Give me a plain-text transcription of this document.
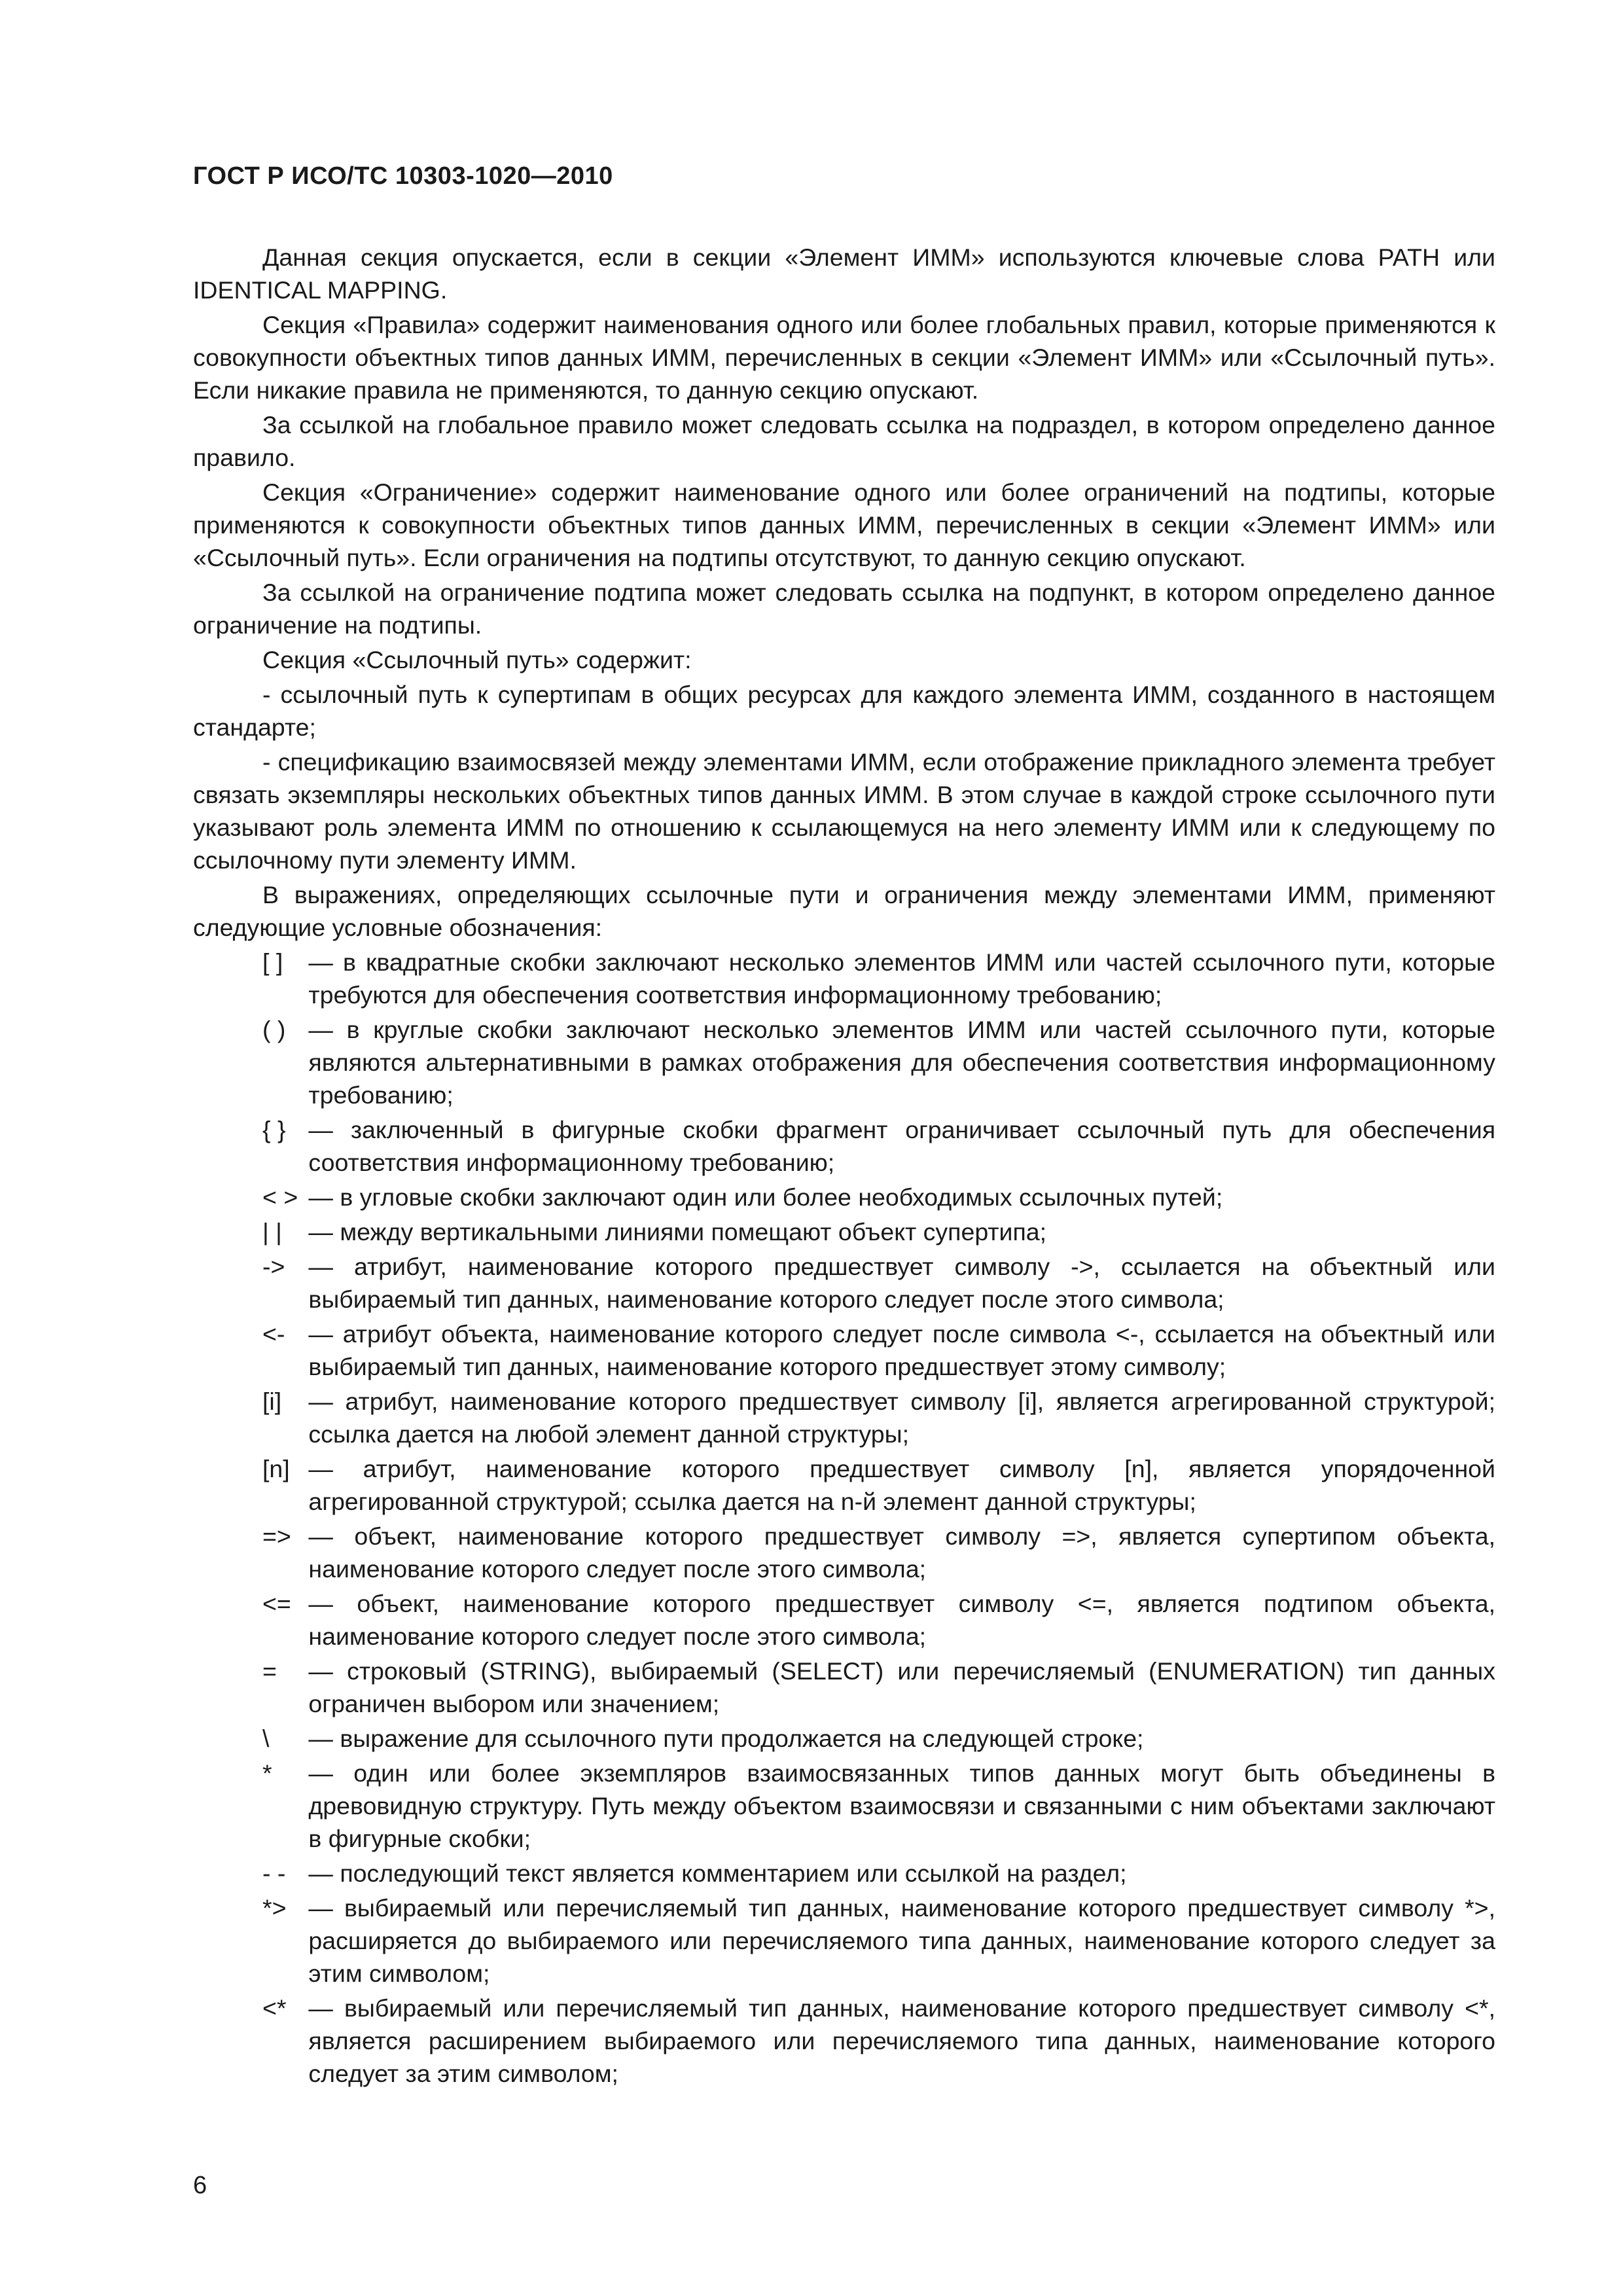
ГОСТ Р ИСО/ТС 10303-1020—2010

Данная секция опускается, если в секции «Элемент ИММ» используются ключевые слова PATH или IDENTICAL MAPPING.

Секция «Правила» содержит наименования одного или более глобальных правил, которые применяются к совокупности объектных типов данных ИММ, перечисленных в секции «Элемент ИММ» или «Ссылочный путь». Если никакие правила не применяются, то данную секцию опускают.

За ссылкой на глобальное правило может следовать ссылка на подраздел, в котором определено данное правило.

Секция «Ограничение» содержит наименование одного или более ограничений на подтипы, которые применяются к совокупности объектных типов данных ИММ, перечисленных в секции «Элемент ИММ» или «Ссылочный путь». Если ограничения на подтипы отсутствуют, то данную секцию опускают.

За ссылкой на ограничение подтипа может следовать ссылка на подпункт, в котором определено данное ограничение на подтипы.

Секция «Ссылочный путь» содержит:

- ссылочный путь к супертипам в общих ресурсах для каждого элемента ИММ, созданного в настоящем стандарте;

- спецификацию взаимосвязей между элементами ИММ, если отображение прикладного элемента требует связать экземпляры нескольких объектных типов данных ИММ. В этом случае в каждой строке ссылочного пути указывают роль элемента ИММ по отношению к ссылающемуся на него элементу ИММ или к следующему по ссылочному пути элементу ИММ.

В выражениях, определяющих ссылочные пути и ограничения между элементами ИММ, применяют следующие условные обозначения:

[ ]
	— в квадратные скобки заключают несколько элементов ИММ или частей ссылочного пути, которые требуются для обеспечения соответствия информационному требованию;
( )
— в круглые скобки заключают несколько элементов ИММ или частей ссылочного пути, которые являются альтернативными в рамках отображения для обеспечения соответствия информационному требованию;
{ }
— заключенный в фигурные скобки фрагмент ограничивает ссылочный путь для обеспечения соответствия информационному требованию;
< >
— в угловые скобки заключают один или более необходимых ссылочных путей;
| |
	— между вертикальными линиями помещают объект супертипа;
->
— атрибут, наименование которого предшествует символу ->, ссылается на объектный или выбираемый тип данных, наименование которого следует после этого символа;
<-
— атрибут объекта, наименование которого следует после символа <-, ссылается на объектный или выбираемый тип данных, наименование которого предшествует этому символу;
[i]
	— атрибут, наименование которого предшествует символу [i], является агрегированной структурой; ссылка дается на любой элемент данной структуры;
[n]
— атрибут, наименование которого предшествует символу [n], является упорядоченной агрегированной структурой; ссылка дается на n-й элемент данной структуры;
=>
— объект, наименование которого предшествует символу =>, является супертипом объекта, наименование которого следует после этого символа;
<=
— объект, наименование которого предшествует символу <=, является подтипом объекта, наименование которого следует после этого символа;
=
	— строковый (STRING), выбираемый (SELECT) или перечисляемый (ENUMERATION) тип данных ограничен выбором или значением;
\
	— выражение для ссылочного пути продолжается на следующей строке;
*
	— один или более экземпляров взаимосвязанных типов данных могут быть объединены в древовидную структуру. Путь между объектом взаимосвязи и связанными с ним объектами заключают в фигурные скобки;
- -
— последующий текст является комментарием или ссылкой на раздел;
*>
— выбираемый или перечисляемый тип данных, наименование которого предшествует символу *>, расширяется до выбираемого или перечисляемого типа данных, наименование которого следует за этим символом;
<*
— выбираемый или перечисляемый тип данных, наименование которого предшествует символу <*, является расширением выбираемого или перечисляемого типа данных, наименование которого следует за этим символом;
6
